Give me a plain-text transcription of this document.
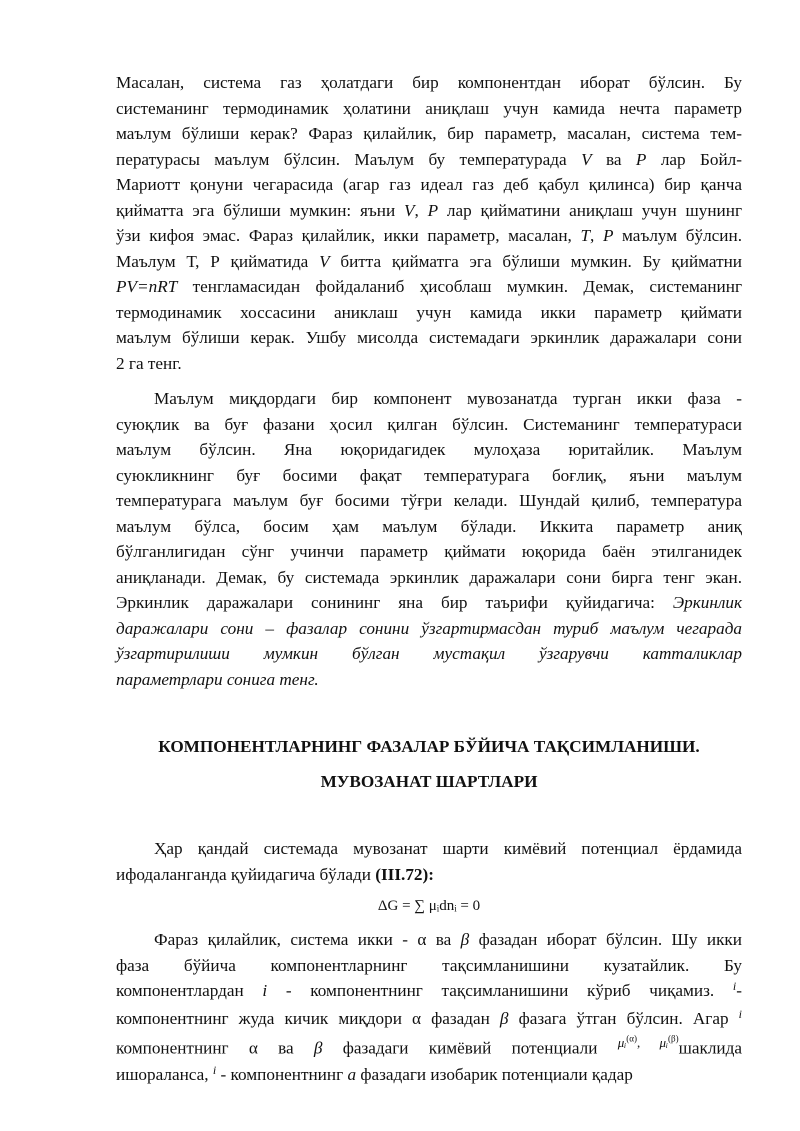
Масалан, система газ ҳолатдаги бир компонентдан иборат бўлсин. Бу
системанинг термодинамик ҳолатини аниқлаш учун камида нечта параметр
маълум бўлиши керак? Фараз қилайлик, бир параметр, масалан, система тем-
пературасы маълум бўлсин. Маълум бу температурада V ва P лар Бойл-
Мариотт қонуни чегарасида (агар газ идеал газ деб қабул қилинса) бир қанча
қийматта эга бўлиши мумкин: яъни V, P лар қийматини аниқлаш учун шунинг
ўзи кифоя эмас. Фараз қилайлик, икки параметр, масалан, T, P маълум бўлсин.
Маълум Т, Р қийматида V битта қийматга эга бўлиши мумкин. Бу қийматни
PV=nRT тенгламасидан фойдаланиб ҳисоблаш мумкин. Демак, системанинг
термодинамик хоссасини аниклаш учун камида икки параметр қиймати
маълум бўлиши керак. Ушбу мисолда системадаги эркинлик даражалари сони
2 га тенг.
Маълум миқдордаги бир компонент мувозанатда турган икки фаза -
суюқлик ва буғ фазани ҳосил қилган бўлсин. Системанинг температураси
маълум бўлсин. Яна юқоридагидек мулоҳаза юритайлик. Маълум
суюкликнинг буғ босими фақат температурага боғлиқ, яъни маълум
температурага маълум буғ босими тўғри келади. Шундай қилиб, температура
маълум бўлса, босим ҳам маълум бўлади. Иккита параметр аниқ
бўлганлигидан сўнг учинчи параметр қиймати юқорида баён этилганидек
аниқланади. Демак, бу системада эркинлик даражалари сони бирга тенг экан.
Эркинлик даражалари сонининг яна бир таърифи қуйидагича: Эркинлик
даражалари сони – фазалар сонини ўзгартирмасдан туриб маълум чегарада
ўзгартирилиши мумкин бўлган мустақил ўзгарувчи катталиклар
параметрлари сонига тенг.

КОМПОНЕНТЛАРНИНГ ФАЗАЛАР БЎЙИЧА ТАҚСИМЛАНИШИ.

МУВОЗАНАТ ШАРТЛАРИ

Ҳар қандай системада мувозанат шарти кимёвий потенциал ёрдамида
ифодаланганда қуйидагича бўлади (III.72):
ΔG = ∑ μᵢdnᵢ = 0
Фараз қилайлик, система икки - α ва β фазадан иборат бўлсин. Шу икки
фаза бўйича компонентларнинг тақсимланишини кузатайлик. Бу
компонентлардан i - компонентнинг тақсимланишини кўриб чиқамиз. $^i$-
компонентнинг жуда кичик миқдори α фазадан β фазага ўтган бўлсин. Агар $^i$
компонентнинг α ва β фазадаги кимёвий потенциали $^{\mu ᵢ^{(\alpha)}, \mu ᵢ^{(\beta)}}$шаклида
ишораланса, $^i$ - компонентнинг а фазадаги изобарик потенциали қадар
